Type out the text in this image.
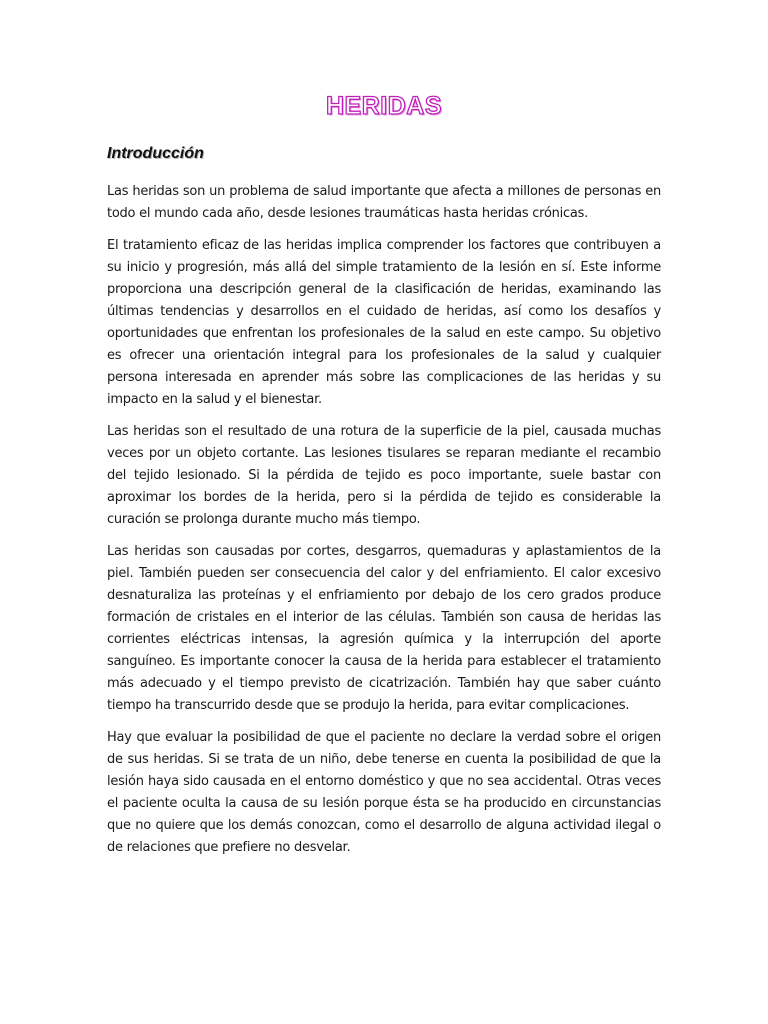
HERIDAS
Introducción

Las heridas son un problema de salud importante que afecta a millones de personas en todo el mundo cada año, desde lesiones traumáticas hasta heridas crónicas.

El tratamiento eficaz de las heridas implica comprender los factores que contribuyen a su inicio y progresión, más allá del simple tratamiento de la lesión en sí. Este informe proporciona una descripción general de la clasificación de heridas, examinando las últimas tendencias y desarrollos en el cuidado de heridas, así como los desafíos y oportunidades que enfrentan los profesionales de la salud en este campo. Su objetivo es ofrecer una orientación integral para los profesionales de la salud y cualquier persona interesada en aprender más sobre las complicaciones de las heridas y su impacto en la salud y el bienestar.

Las heridas son el resultado de una rotura de la superficie de la piel, causada muchas veces por un objeto cortante. Las lesiones tisulares se reparan mediante el recambio del tejido lesionado. Si la pérdida de tejido es poco importante, suele bastar con aproximar los bordes de la herida, pero si la pérdida de tejido es considerable la curación se prolonga durante mucho más tiempo.

Las heridas son causadas por cortes, desgarros, quemaduras y aplastamientos de la piel. También pueden ser consecuencia del calor y del enfriamiento. El calor excesivo desnaturaliza las proteínas y el enfriamiento por debajo de los cero grados produce formación de cristales en el interior de las células. También son causa de heridas las corrientes eléctricas intensas, la agresión química y la interrupción del aporte sanguíneo. Es importante conocer la causa de la herida para establecer el tratamiento más adecuado y el tiempo previsto de cicatrización. También hay que saber cuánto tiempo ha transcurrido desde que se produjo la herida, para evitar complicaciones.

Hay que evaluar la posibilidad de que el paciente no declare la verdad sobre el origen de sus heridas. Si se trata de un niño, debe tenerse en cuenta la posibilidad de que la lesión haya sido causada en el entorno doméstico y que no sea accidental. Otras veces el paciente oculta la causa de su lesión porque ésta se ha producido en circunstancias que no quiere que los demás conozcan, como el desarrollo de alguna actividad ilegal o de relaciones que prefiere no desvelar.
